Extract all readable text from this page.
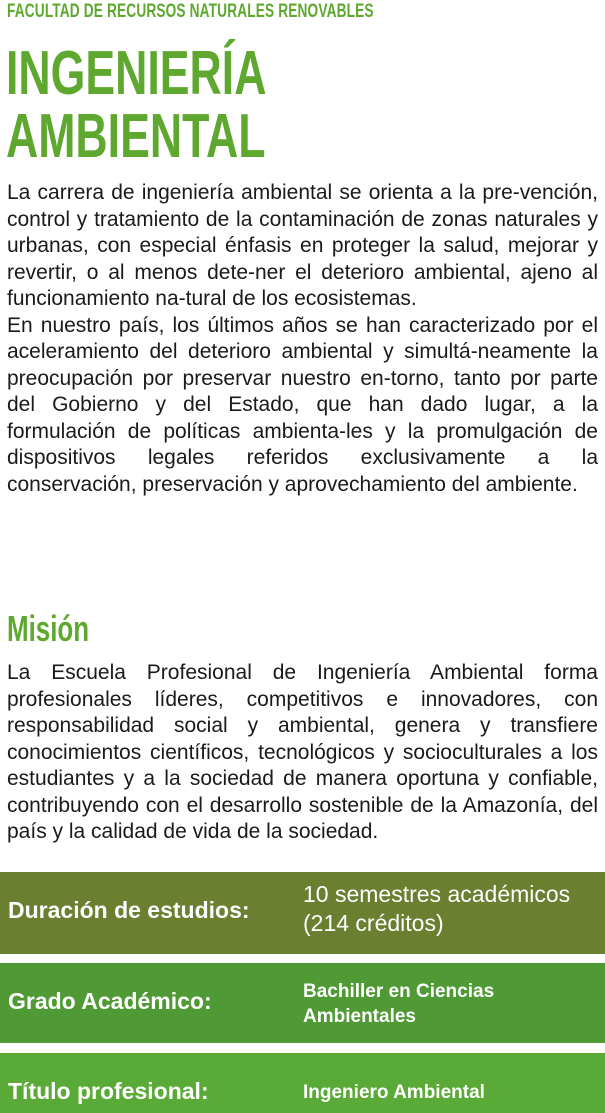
FACULTAD DE RECURSOS NATURALES RENOVABLES
INGENIERÍA
AMBIENTAL
La carrera de ingeniería ambiental se orienta a la pre-vención, control y tratamiento de la contaminación de zonas naturales y urbanas, con especial énfasis en proteger la salud, mejorar y revertir, o al menos dete-ner el deterioro ambiental, ajeno al funcionamiento na-tural de los ecosistemas.
En nuestro país, los últimos años se han caracterizado por el aceleramiento del deterioro ambiental y simultá-neamente la preocupación por preservar nuestro en-torno, tanto por parte del Gobierno y del Estado, que han dado lugar, a la formulación de políticas ambienta-les y la promulgación de dispositivos legales referidos exclusivamente a la conservación, preservación y aprovechamiento del ambiente.
Misión
La Escuela Profesional de Ingeniería Ambiental forma profesionales líderes, competitivos e innovadores, con responsabilidad social y ambiental, genera y transfiere conocimientos científicos, tecnológicos y socioculturales a los estudiantes y a la sociedad de manera oportuna y confiable, contribuyendo con el desarrollo sostenible de la Amazonía, del país y la calidad de vida de la sociedad.
Duración de estudios:
10 semestres académicos
(214 créditos)
Grado Académico:	Bachiller en Ciencias
Ambientales
Título profesional:	Ingeniero Ambiental
